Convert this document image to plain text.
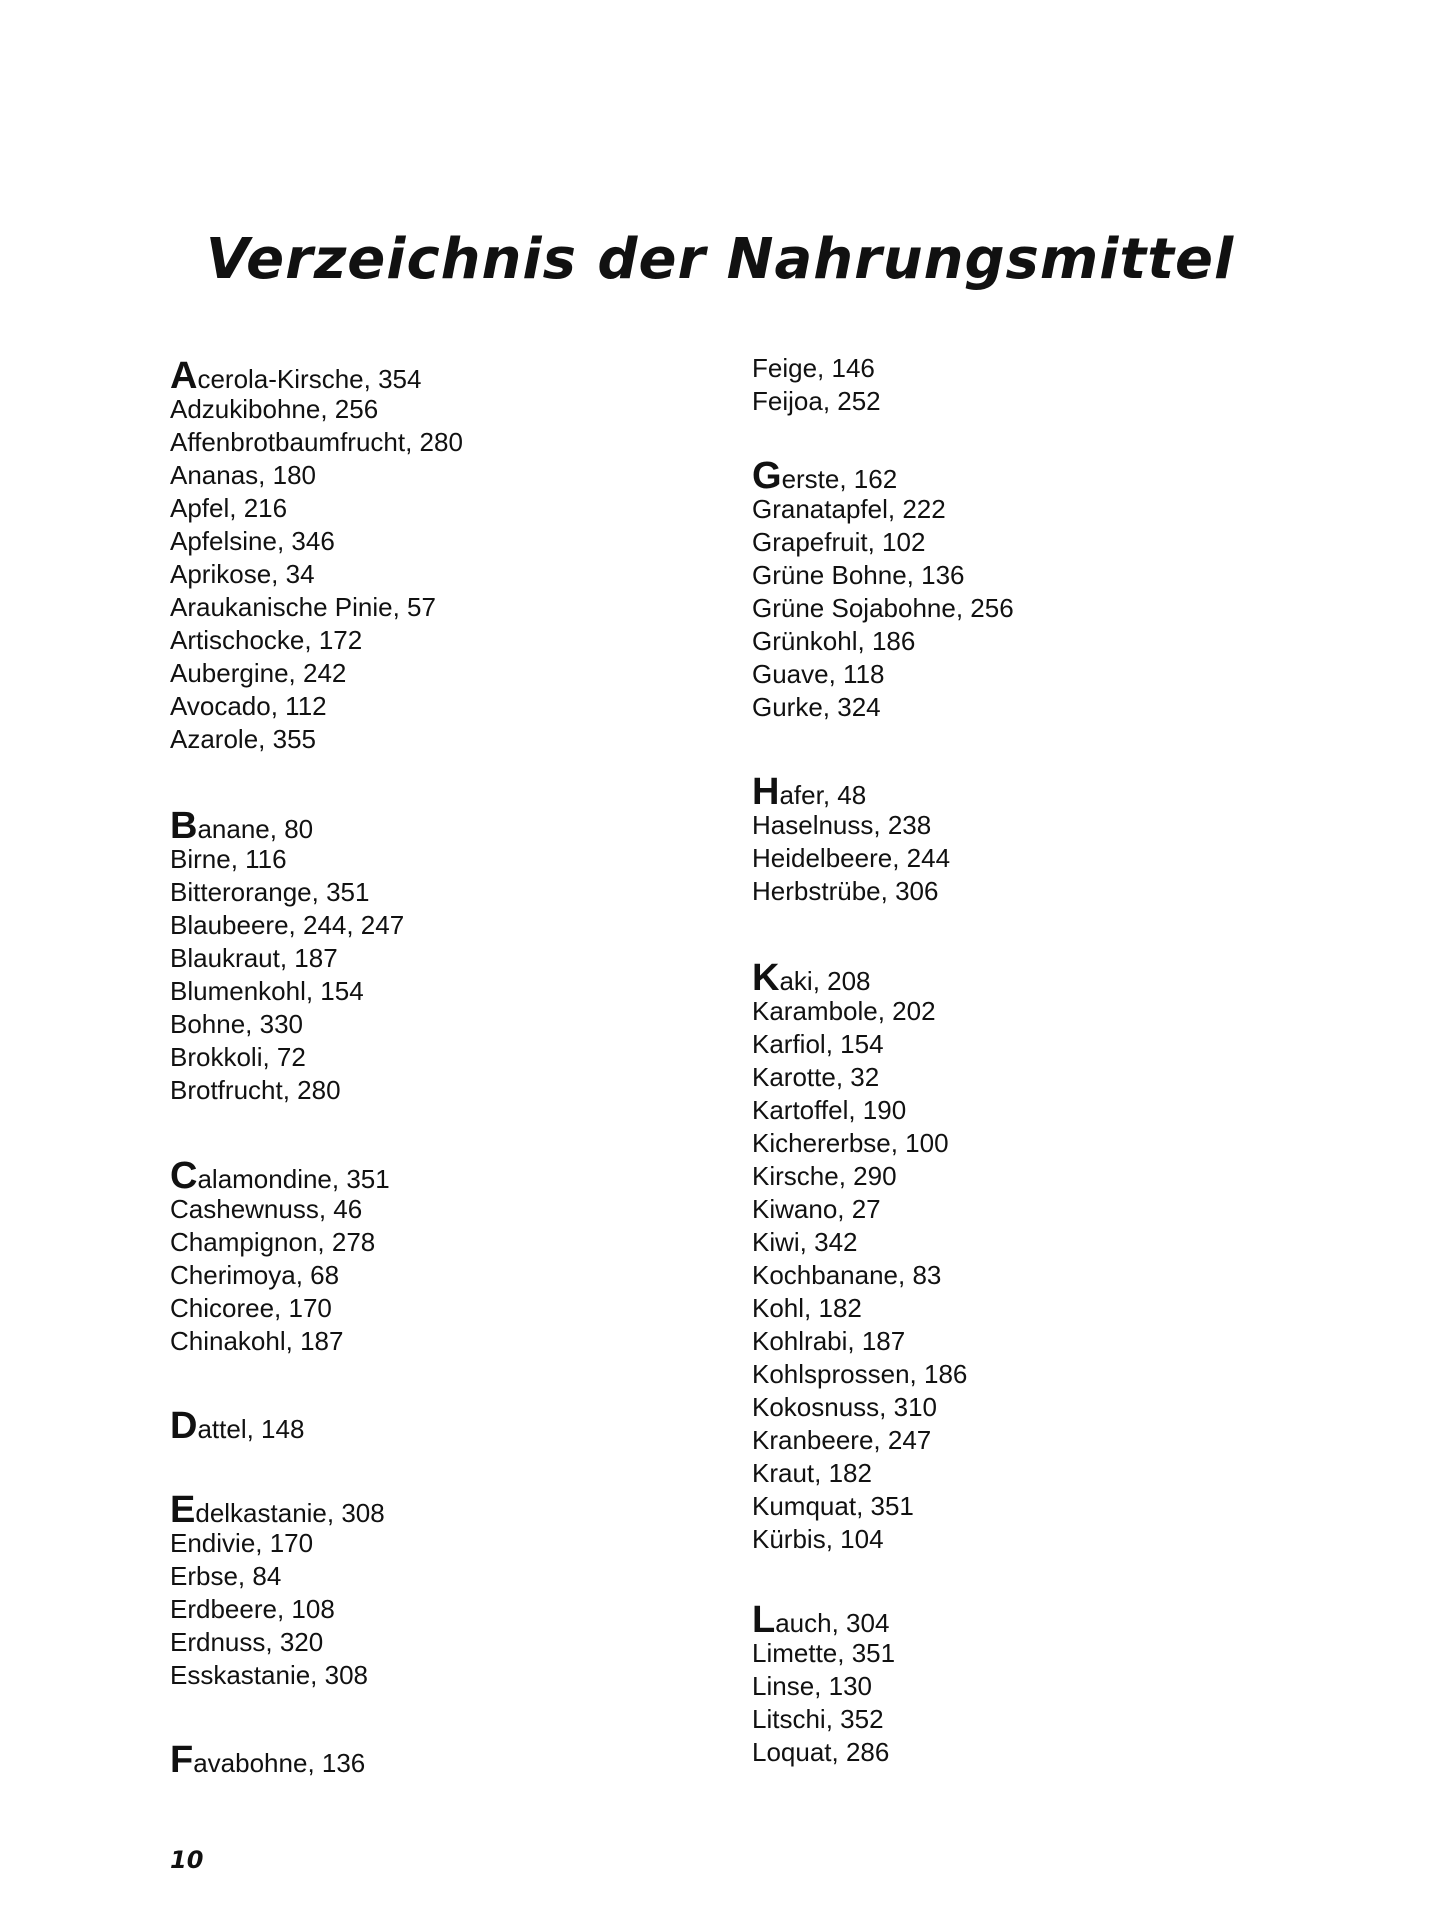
Verzeichnis der Nahrungsmittel
Acerola-Kirsche, 354
Adzukibohne, 256
Affenbrotbaumfrucht, 280
Ananas, 180
Apfel, 216
Apfelsine, 346
Aprikose, 34
Araukanische Pinie, 57
Artischocke, 172
Aubergine, 242
Avocado, 112
Azarole, 355
Banane, 80
Birne, 116
Bitterorange, 351
Blaubeere, 244, 247
Blaukraut, 187
Blumenkohl, 154
Bohne, 330
Brokkoli, 72
Brotfrucht, 280
Calamondine, 351
Cashewnuss, 46
Champignon, 278
Cherimoya, 68
Chicoree, 170
Chinakohl, 187
Dattel, 148
Edelkastanie, 308
Endivie, 170
Erbse, 84
Erdbeere, 108
Erdnuss, 320
Esskastanie, 308
Favabohne, 136
Feige, 146
Feijoa, 252
Gerste, 162
Granatapfel, 222
Grapefruit, 102
Grüne Bohne, 136
Grüne Sojabohne, 256
Grünkohl, 186
Guave, 118
Gurke, 324
Hafer, 48
Haselnuss, 238
Heidelbeere, 244
Herbstrübe, 306
Kaki, 208
Karambole, 202
Karfiol, 154
Karotte, 32
Kartoffel, 190
Kichererbse, 100
Kirsche, 290
Kiwano, 27
Kiwi, 342
Kochbanane, 83
Kohl, 182
Kohlrabi, 187
Kohlsprossen, 186
Kokosnuss, 310
Kranbeere, 247
Kraut, 182
Kumquat, 351
Kürbis, 104
Lauch, 304
Limette, 351
Linse, 130
Litschi, 352
Loquat, 286
10
